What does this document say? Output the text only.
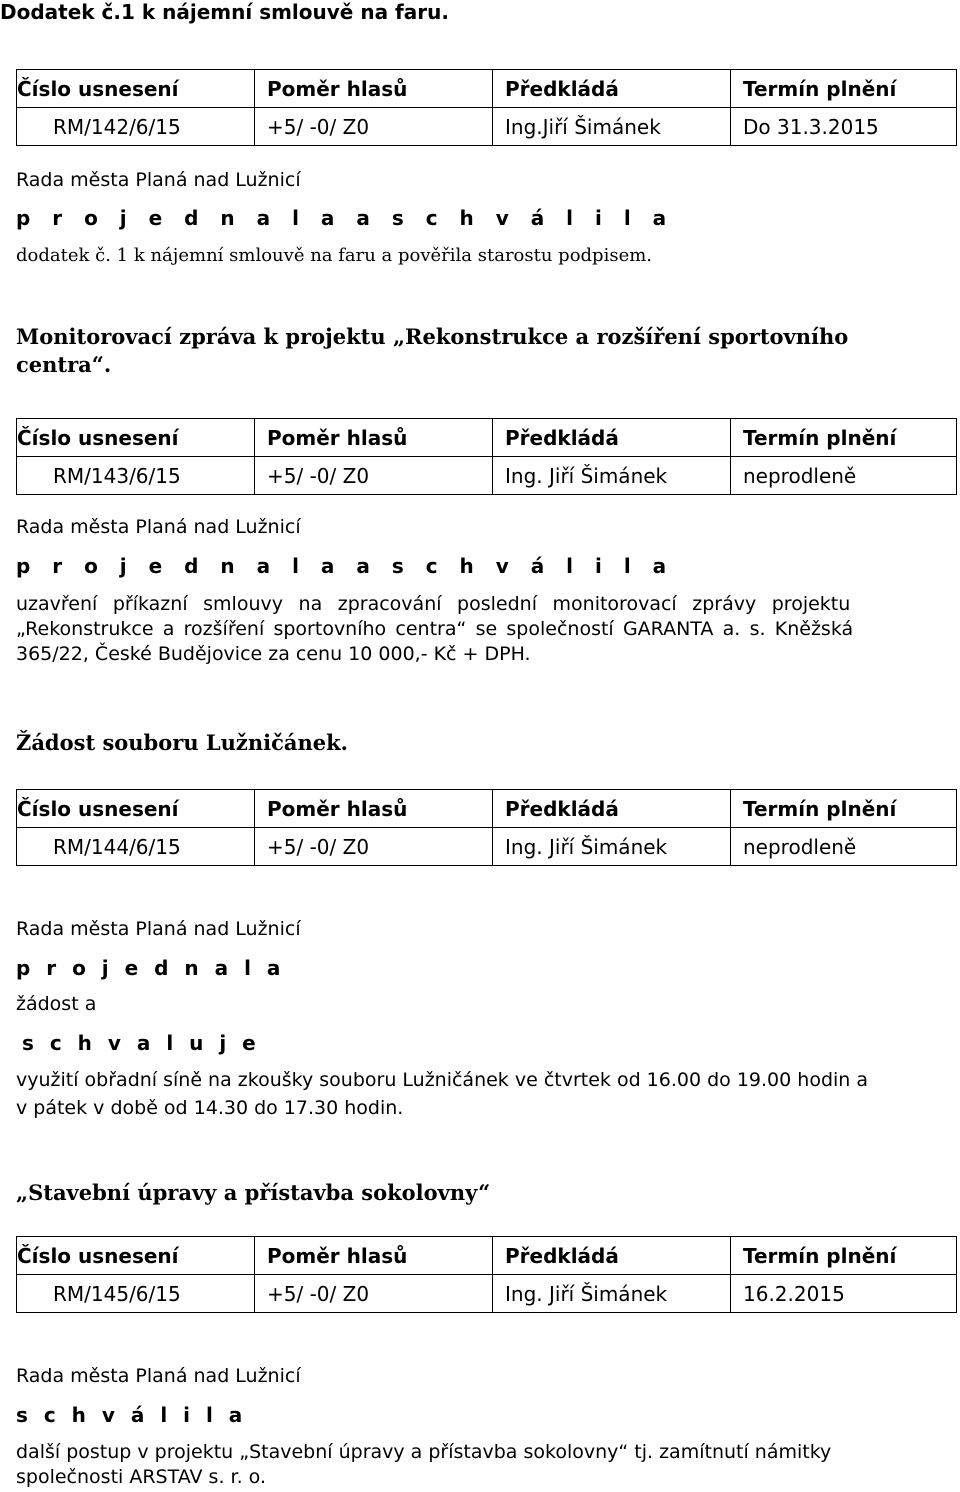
Dodatek č.1 k nájemní smlouvě na faru.
Číslo usnesení	Poměr hlasů	Předkládá	Termín plnění
RM/142/6/15	+5/ -0/ Z0	Ing.Jiří Šimánek	Do 31.3.2015
Rada města Planá nad Lužnicí
p r o j e d n a l a a s c h v á l i l a
dodatek č. 1 k nájemní smlouvě na faru a pověřila starostu podpisem.
Monitorovací zpráva k projektu „Rekonstrukce a rozšíření sportovního
centra“.
Číslo usnesení	Poměr hlasů	Předkládá	Termín plnění
RM/143/6/15	+5/ -0/ Z0	Ing. Jiří Šimánek	neprodleně
Rada města Planá nad Lužnicí
p r o j e d n a l a a s c h v á l i l a
uzavření příkazní smlouvy na zpracování poslední monitorovací zprávy projektu
„Rekonstrukce a rozšíření sportovního centra“ se společností GARANTA a. s. Kněžská
365/22, České Budějovice za cenu 10 000,- Kč + DPH.
Žádost souboru Lužničánek.
Číslo usnesení	Poměr hlasů	Předkládá	Termín plnění
RM/144/6/15	+5/ -0/ Z0	Ing. Jiří Šimánek	neprodleně
Rada města Planá nad Lužnicí
p r o j e d n a l a
žádost a
s c h v a l u j e
využití obřadní síně na zkoušky souboru Lužničánek ve čtvrtek od 16.00 do 19.00 hodin a
v pátek v době od 14.30 do 17.30 hodin.
„Stavební úpravy a přístavba sokolovny“
Číslo usnesení	Poměr hlasů	Předkládá	Termín plnění
RM/145/6/15	+5/ -0/ Z0	Ing. Jiří Šimánek	16.2.2015
Rada města Planá nad Lužnicí
s c h v á l i l a
další postup v projektu „Stavební úpravy a přístavba sokolovny“ tj. zamítnutí námitky
společnosti ARSTAV s. r. o.
